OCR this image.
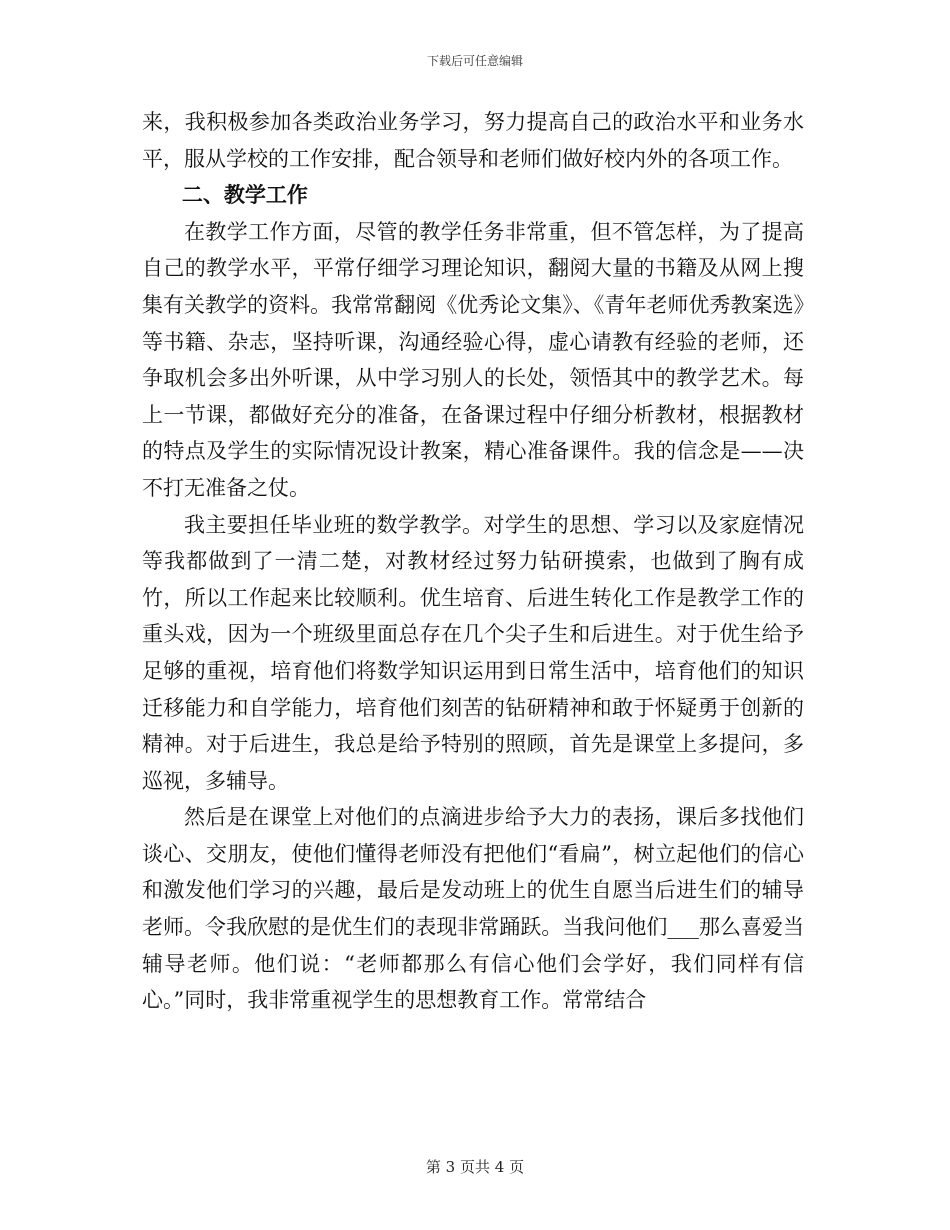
下载后可任意编辑

来，我积极参加各类政治业务学习，努力提高自己的政治水平和业务水平，服从学校的工作安排，配合领导和老师们做好校内外的各项工作。

二、教学工作

在教学工作方面，尽管的教学任务非常重，但不管怎样，为了提高自己的教学水平，平常仔细学习理论知识，翻阅大量的书籍及从网上搜集有关教学的资料。我常常翻阅《优秀论文集》、《青年老师优秀教案选》等书籍、杂志，坚持听课，沟通经验心得，虚心请教有经验的老师，还争取机会多出外听课，从中学习别人的长处，领悟其中的教学艺术。每上一节课，都做好充分的准备，在备课过程中仔细分析教材，根据教材的特点及学生的实际情况设计教案，精心准备课件。我的信念是——决不打无准备之仗。

我主要担任毕业班的数学教学。对学生的思想、学习以及家庭情况等我都做到了一清二楚，对教材经过努力钻研摸索，也做到了胸有成竹，所以工作起来比较顺利。优生培育、后进生转化工作是教学工作的重头戏，因为一个班级里面总存在几个尖子生和后进生。对于优生给予足够的重视，培育他们将数学知识运用到日常生活中，培育他们的知识迁移能力和自学能力，培育他们刻苦的钻研精神和敢于怀疑勇于创新的精神。对于后进生，我总是给予特别的照顾，首先是课堂上多提问，多巡视，多辅导。

然后是在课堂上对他们的点滴进步给予大力的表扬，课后多找他们谈心、交朋友，使他们懂得老师没有把他们“看扁”，树立起他们的信心和激发他们学习的兴趣，最后是发动班上的优生自愿当后进生们的辅导老师。令我欣慰的是优生们的表现非常踊跃。当我问他们___那么喜爱当辅导老师。他们说：“老师都那么有信心他们会学好，我们同样有信心。”同时，我非常重视学生的思想教育工作。常常结合

第 3 页共 4 页
